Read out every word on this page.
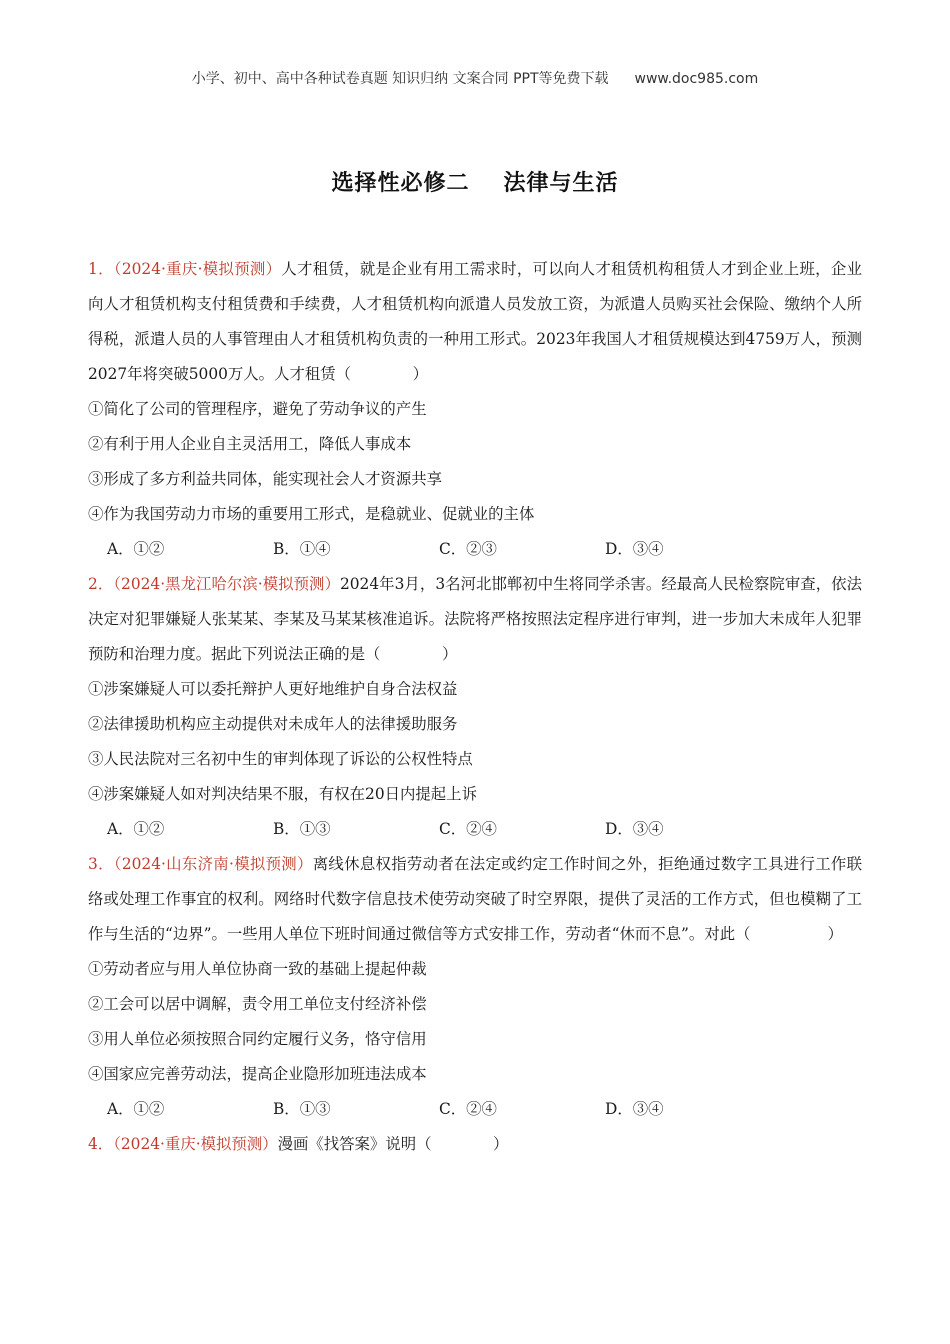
小学、初中、高中各种试卷真题 知识归纳 文案合同 PPT等免费下载 www.doc985.com
选择性必修二 法律与生活

1．（2024·重庆·模拟预测）人才租赁，就是企业有用工需求时，可以向人才租赁机构租赁人才到企业上班，企业向人才租赁机构支付租赁费和手续费，人才租赁机构向派遣人员发放工资，为派遣人员购买社会保险、缴纳个人所得税，派遣人员的人事管理由人才租赁机构负责的一种用工形式。2023年我国人才租赁规模达到4759万人，预测2027年将突破5000万人。人才租赁（　　　　）

①简化了公司的管理程序，避免了劳动争议的产生

②有利于用人企业自主灵活用工，降低人事成本

③形成了多方利益共同体，能实现社会人才资源共享

④作为我国劳动力市场的重要用工形式，是稳就业、促就业的主体

A．①②	B．①④	C．②③	D．③④

2．（2024·黑龙江哈尔滨·模拟预测）2024年3月，3名河北邯郸初中生将同学杀害。经最高人民检察院审查，依法决定对犯罪嫌疑人张某某、李某及马某某核准追诉。法院将严格按照法定程序进行审判，进一步加大未成年人犯罪预防和治理力度。据此下列说法正确的是（　　　　）

①涉案嫌疑人可以委托辩护人更好地维护自身合法权益

②法律援助机构应主动提供对未成年人的法律援助服务

③人民法院对三名初中生的审判体现了诉讼的公权性特点

④涉案嫌疑人如对判决结果不服，有权在20日内提起上诉

A．①②	B．①③	C．②④	D．③④

3．（2024·山东济南·模拟预测）离线休息权指劳动者在法定或约定工作时间之外，拒绝通过数字工具进行工作联络或处理工作事宜的权利。网络时代数字信息技术使劳动突破了时空界限，提供了灵活的工作方式，但也模糊了工作与生活的“边界”。一些用人单位下班时间通过微信等方式安排工作，劳动者“休而不息”。对此（　　　　　）

①劳动者应与用人单位协商一致的基础上提起仲裁

②工会可以居中调解，责令用工单位支付经济补偿

③用人单位必须按照合同约定履行义务，恪守信用

④国家应完善劳动法，提高企业隐形加班违法成本

A．①②	B．①③	C．②④	D．③④

4．（2024·重庆·模拟预测）漫画《找答案》说明（　　　　）
